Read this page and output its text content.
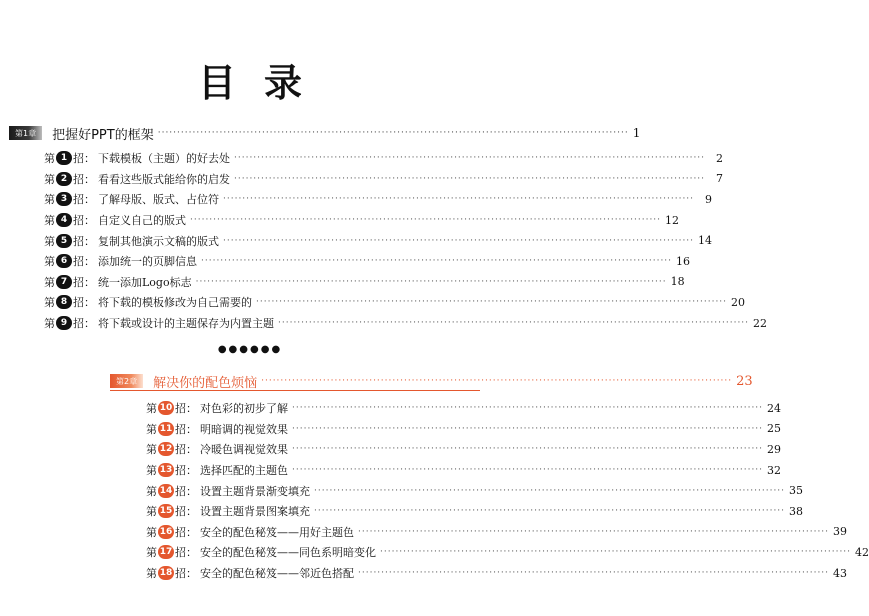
目录
第 1 章 把握好PPT的框架 ·························································································································· 1
第 1 招： 下载模板（主题）的好去处 ··························································································································	2
第 2 招： 看看这些版式能给你的启发 ··························································································································	7
第 3 招： 了解母版、版式、占位符 ··························································································································	9
第 4 招： 自定义自己的版式 ·························································································································· 12
第 5 招： 复制其他演示文稿的版式 ·························································································································· 14
第 6 招： 添加统一的页脚信息 ·························································································································· 16
第 7 招： 统一添加Logo标志 ·························································································································· 18
第 8 招： 将下载的模板修改为自己需要的 ·························································································································· 20
第 9 招： 将下载或设计的主题保存为内置主题 ·························································································································· 22
●●●●●●
第 2 章 解决你的配色烦恼 ·························································································································· 23
第 10 招： 对色彩的初步了解 ·························································································································· 24
第 11 招： 明暗调的视觉效果 ·························································································································· 25
第 12 招： 冷暖色调视觉效果 ·························································································································· 29
第 13 招： 选择匹配的主题色 ·························································································································· 32
第 14 招： 设置主题背景渐变填充 ·························································································································· 35
第 15 招： 设置主题背景图案填充 ·························································································································· 38
第 16 招： 安全的配色秘笈——用好主题色 ·························································································································· 39
第 17 招： 安全的配色秘笈——同色系明暗变化 ·························································································································· 42
第 18 招： 安全的配色秘笈——邻近色搭配 ·························································································································· 43
